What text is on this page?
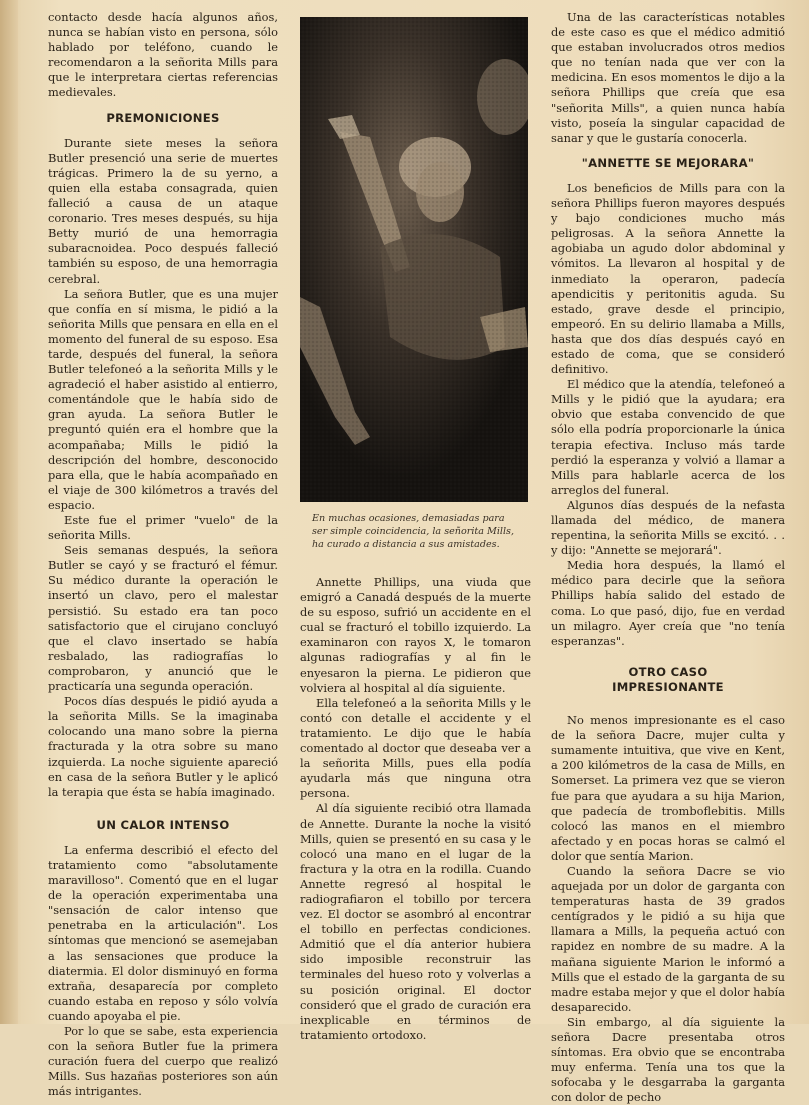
contacto desde hacía algunos años, nunca se habían visto en persona, sólo hablado por teléfono, cuando le recomendaron a la señorita Mills para que le interpretara ciertas referencias medievales.

PREMONICIONES

Durante siete meses la señora Butler presenció una serie de muertes trágicas. Primero la de su yerno, a quien ella estaba consagrada, quien falleció a causa de un ataque coronario. Tres meses después, su hija Betty murió de una hemorragia subaracnoidea. Poco después falleció también su esposo, de una hemorragia cerebral.

La señora Butler, que es una mujer que confía en sí misma, le pidió a la señorita Mills que pensara en ella en el momento del funeral de su esposo. Esa tarde, después del funeral, la señora Butler telefoneó a la señorita Mills y le agradeció el haber asistido al entierro, comentándole que le había sido de gran ayuda. La señora Butler le preguntó quién era el hombre que la acompañaba; Mills le pidió la descripción del hombre, desconocido para ella, que le había acompañado en el viaje de 300 kilómetros a través del espacio.

Este fue el primer "vuelo" de la señorita Mills.

Seis semanas después, la señora Butler se cayó y se fracturó el fémur. Su médico durante la operación le insertó un clavo, pero el malestar persistió. Su estado era tan poco satisfactorio que el cirujano concluyó que el clavo insertado se había resbalado, las radiografías lo comprobaron, y anunció que le practicaría una segunda operación.

Pocos días después le pidió ayuda a la señorita Mills. Se la imaginaba colocando una mano sobre la pierna fracturada y la otra sobre su mano izquierda. La noche siguiente apareció en casa de la señora Butler y le aplicó la terapia que ésta se había imaginado.

UN CALOR INTENSO

La enferma describió el efecto del tratamiento como "absolutamente maravilloso". Comentó que en el lugar de la operación experimentaba una "sensación de calor intenso que penetraba en la articulación". Los síntomas que mencionó se asemejaban a las sensaciones que produce la diatermia. El dolor disminuyó en forma extraña, desaparecía por completo cuando estaba en reposo y sólo volvía cuando apoyaba el pie.

Por lo que se sabe, esta experiencia con la señora Butler fue la primera curación fuera del cuerpo que realizó Mills. Sus hazañas posteriores son aún más intrigantes.

En muchas ocasiones, demasiadas para ser simple coincidencia, la señorita Mills, ha curado a distancia a sus amistades.

Annette Phillips, una viuda que emigró a Canadá después de la muerte de su esposo, sufrió un accidente en el cual se fracturó el tobillo izquierdo. La examinaron con rayos X, le tomaron algunas radiografías y al fin le enyesaron la pierna. Le pidieron que volviera al hospital al día siguiente.

Ella telefoneó a la señorita Mills y le contó con detalle el accidente y el tratamiento. Le dijo que le había comentado al doctor que deseaba ver a la señorita Mills, pues ella podía ayudarla más que ninguna otra persona.

Al día siguiente recibió otra llamada de Annette. Durante la noche la visitó Mills, quien se presentó en su casa y le colocó una mano en el lugar de la fractura y la otra en la rodilla. Cuando Annette regresó al hospital le radiografiaron el tobillo por tercera vez. El doctor se asombró al encontrar el tobillo en perfectas condiciones. Admitió que el día anterior hubiera sido imposible reconstruir las terminales del hueso roto y volverlas a su posición original. El doctor consideró que el grado de curación era inexplicable en términos de tratamiento ortodoxo.

Una de las características notables de este caso es que el médico admitió que estaban involucrados otros medios que no tenían nada que ver con la medicina. En esos momentos le dijo a la señora Phillips que creía que esa "señorita Mills", a quien nunca había visto, poseía la singular capacidad de sanar y que le gustaría conocerla.

"ANNETTE SE MEJORARA"

Los beneficios de Mills para con la señora Phillips fueron mayores después y bajo condiciones mucho más peligrosas. A la señora Annette la agobiaba un agudo dolor abdominal y vómitos. La llevaron al hospital y de inmediato la operaron, padecía apendicitis y peritonitis aguda. Su estado, grave desde el principio, empeoró. En su delirio llamaba a Mills, hasta que dos días después cayó en estado de coma, que se consideró definitivo.

El médico que la atendía, telefoneó a Mills y le pidió que la ayudara; era obvio que estaba convencido de que sólo ella podría proporcionarle la única terapia efectiva. Incluso más tarde perdió la esperanza y volvió a llamar a Mills para hablarle acerca de los arreglos del funeral.

Algunos días después de la nefasta llamada del médico, de manera repentina, la señorita Mills se excitó. . . y dijo: "Annette se mejorará".

Media hora después, la llamó el médico para decirle que la señora Phillips había salido del estado de coma. Lo que pasó, dijo, fue en verdad un milagro. Ayer creía que "no tenía esperanzas".

OTRO CASO IMPRESIONANTE

No menos impresionante es el caso de la señora Dacre, mujer culta y sumamente intuitiva, que vive en Kent, a 200 kilómetros de la casa de Mills, en Somerset. La primera vez que se vieron fue para que ayudara a su hija Marion, que padecía de tromboflebitis. Mills colocó las manos en el miembro afectado y en pocas horas se calmó el dolor que sentía Marion.

Cuando la señora Dacre se vio aquejada por un dolor de garganta con temperaturas hasta de 39 grados centígrados y le pidió a su hija que llamara a Mills, la pequeña actuó con rapidez en nombre de su madre. A la mañana siguiente Marion le informó a Mills que el estado de la garganta de su madre estaba mejor y que el dolor había desaparecido.

Sin embargo, al día siguiente la señora Dacre presentaba otros síntomas. Era obvio que se encontraba muy enferma. Tenía una tos que la sofocaba y le desgarraba la garganta con dolor de pecho
